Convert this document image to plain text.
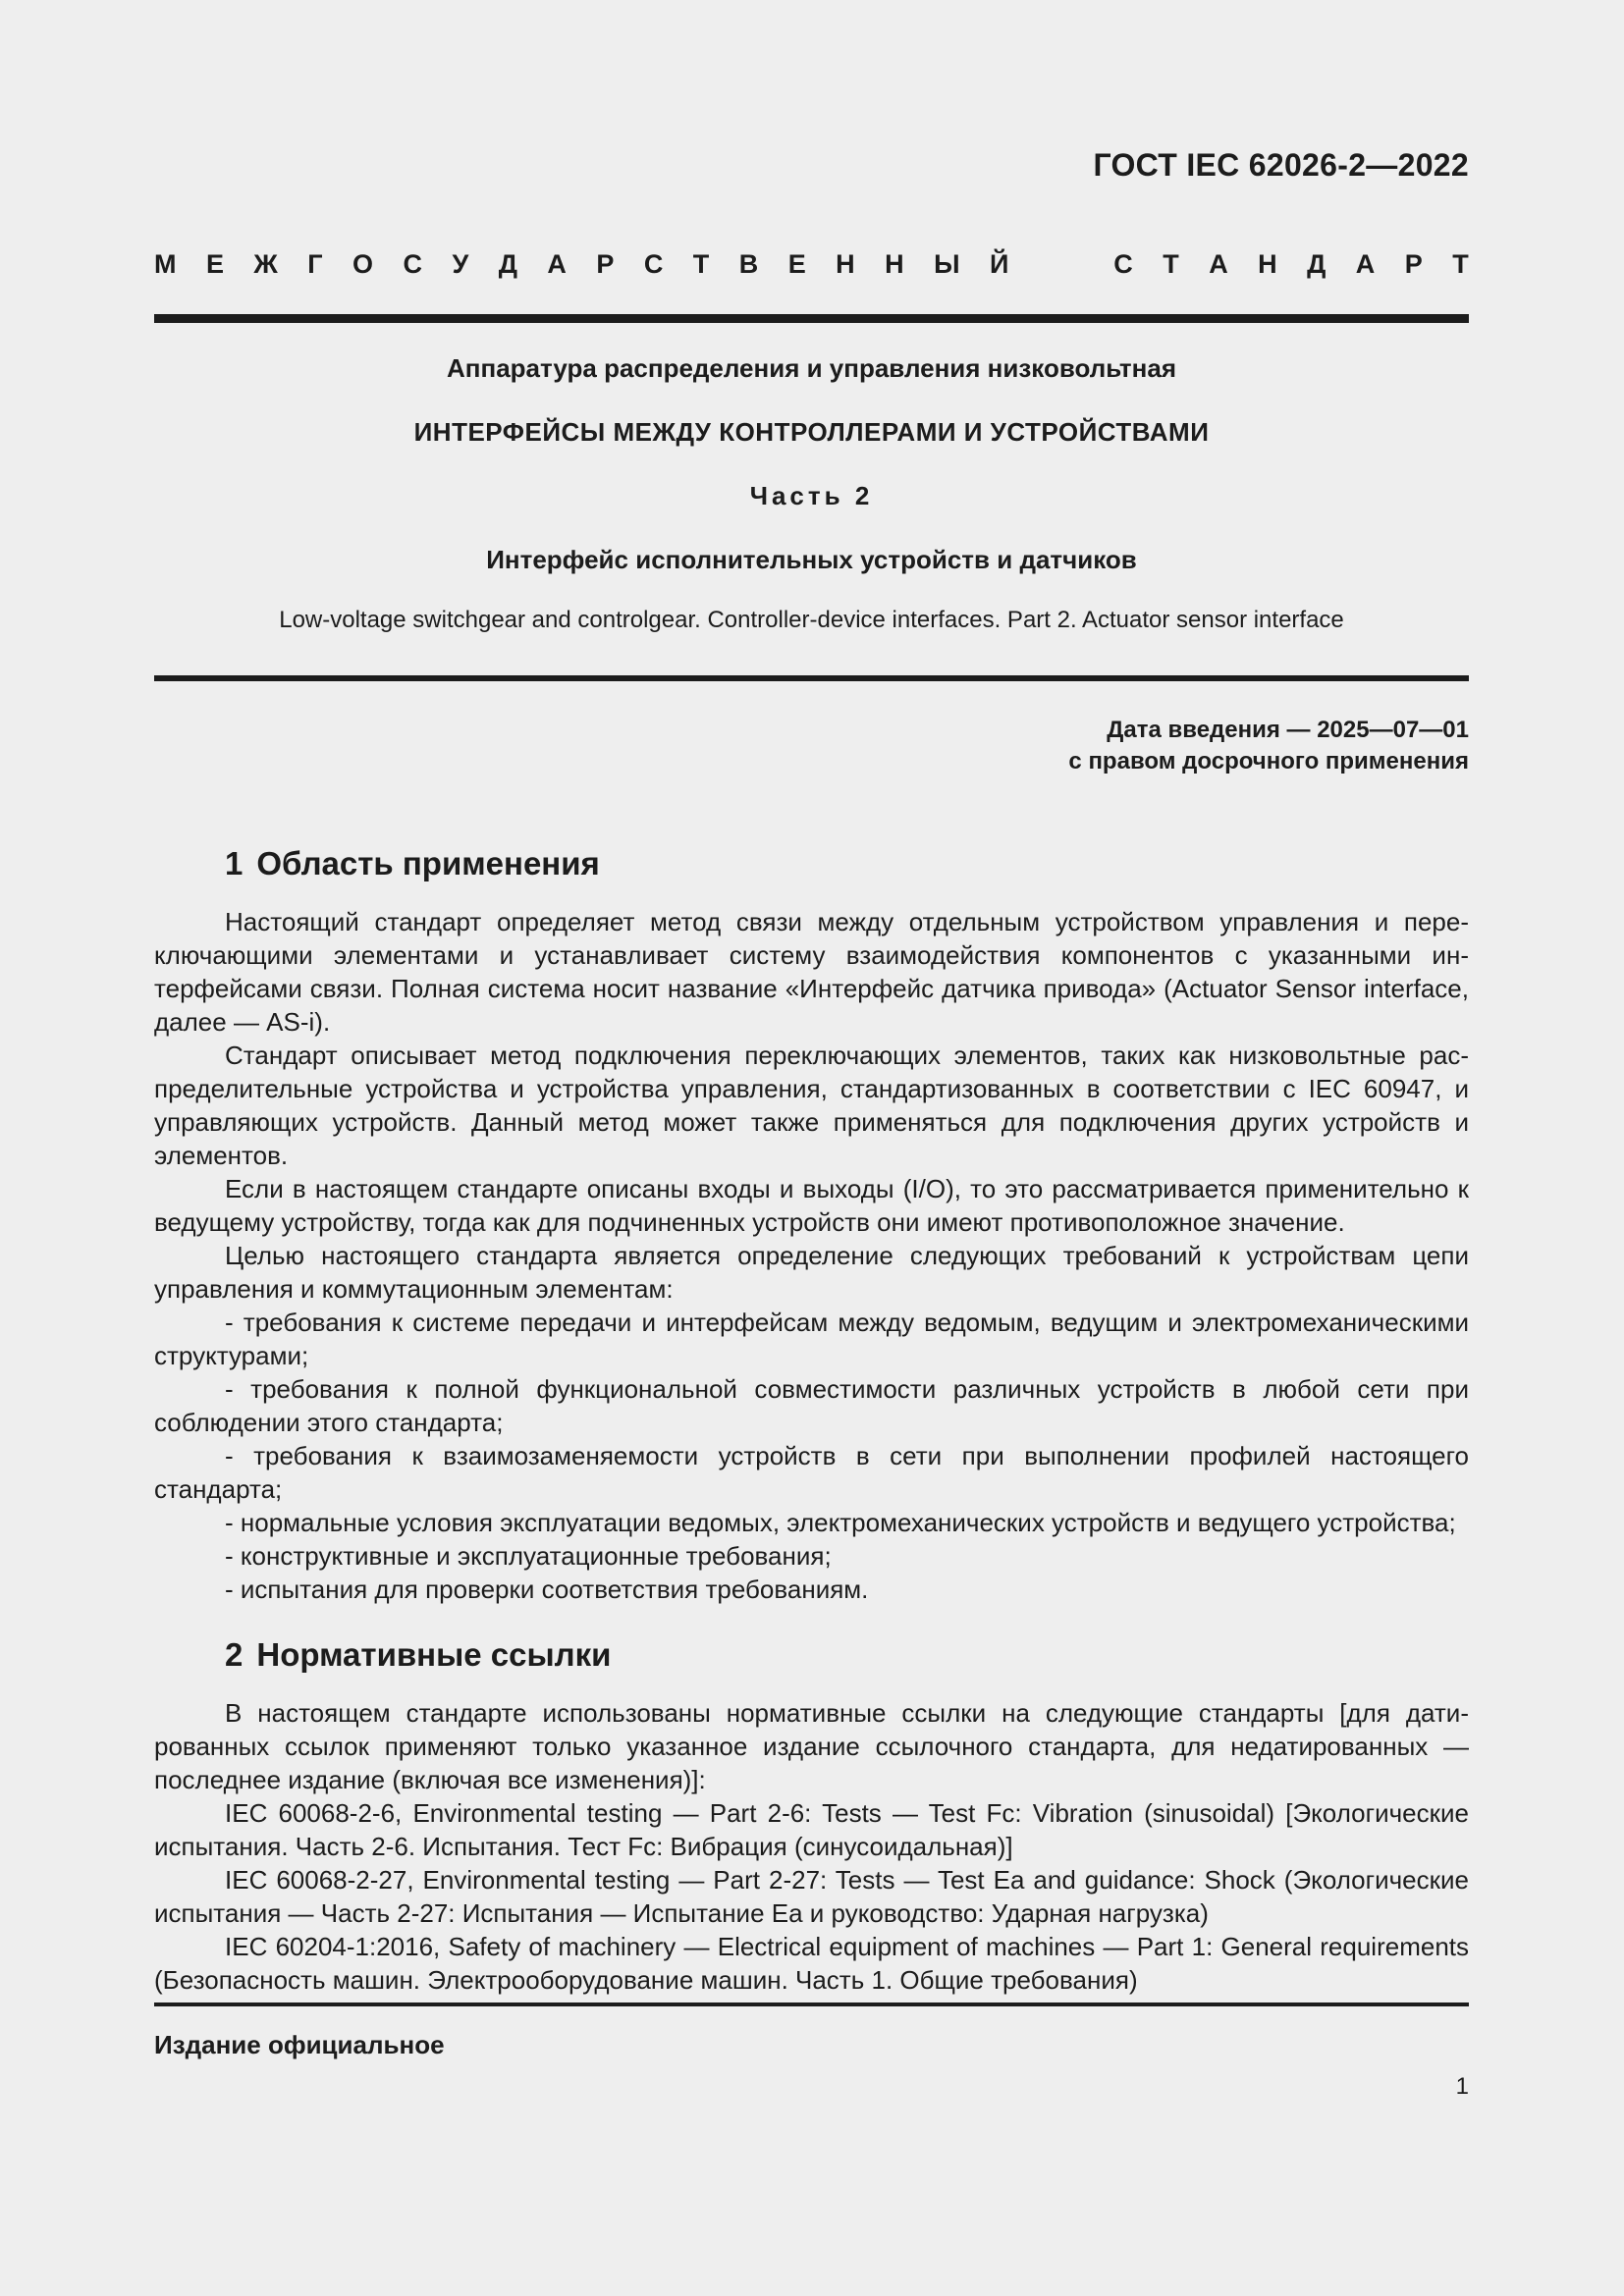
ГОСТ IEC 62026-2—2022
М Е Ж Г О С У Д А Р С Т В Е Н Н Ы Й	С Т А Н Д А Р Т
Аппаратура распределения и управления низковольтная
ИНТЕРФЕЙСЫ МЕЖДУ КОНТРОЛЛЕРАМИ И УСТРОЙСТВАМИ
Часть 2
Интерфейс исполнительных устройств и датчиков
Low-voltage switchgear and controlgear. Controller-device interfaces. Part 2. Actuator sensor interface
Дата введения — 2025—07—01
с правом досрочного применения
1 Область применения

Настоящий стандарт определяет метод связи между отдельным устройством управления и переключающими элементами и устанавливает систему взаимодействия компонентов с указанными интерфейсами связи. Полная система носит название «Интерфейс датчика привода» (Actuator Sensor interface, далее — AS-i).

Стандарт описывает метод подключения переключающих элементов, таких как низковольтные распределительные устройства и устройства управления, стандартизованных в соответствии с IEC 60947, и управляющих устройств. Данный метод может также применяться для подключения других устройств и элементов.

Если в настоящем стандарте описаны входы и выходы (I/O), то это рассматривается применительно к ведущему устройству, тогда как для подчиненных устройств они имеют противоположное значение.

Целью настоящего стандарта является определение следующих требований к устройствам цепи управления и коммутационным элементам:

- требования к системе передачи и интерфейсам между ведомым, ведущим и электромеханическими структурами;

- требования к полной функциональной совместимости различных устройств в любой сети при соблюдении этого стандарта;

- требования к взаимозаменяемости устройств в сети при выполнении профилей настоящего стандарта;

- нормальные условия эксплуатации ведомых, электромеханических устройств и ведущего устройства;

- конструктивные и эксплуатационные требования;

- испытания для проверки соответствия требованиям.

2 Нормативные ссылки

В настоящем стандарте использованы нормативные ссылки на следующие стандарты [для датированных ссылок применяют только указанное издание ссылочного стандарта, для недатированных — последнее издание (включая все изменения)]:

IEC 60068-2-6, Environmental testing — Part 2-6: Tests — Test Fc: Vibration (sinusoidal) [Экологические испытания. Часть 2-6. Испытания. Тест Fc: Вибрация (синусоидальная)]

IEC 60068-2-27, Environmental testing — Part 2-27: Tests — Test Ea and guidance: Shock (Экологические испытания — Часть 2-27: Испытания — Испытание Ea и руководство: Ударная нагрузка)

IEC 60204-1:2016, Safety of machinery — Electrical equipment of machines — Part 1: General requirements (Безопасность машин. Электрооборудование машин. Часть 1. Общие требования)

Издание официальное
1
